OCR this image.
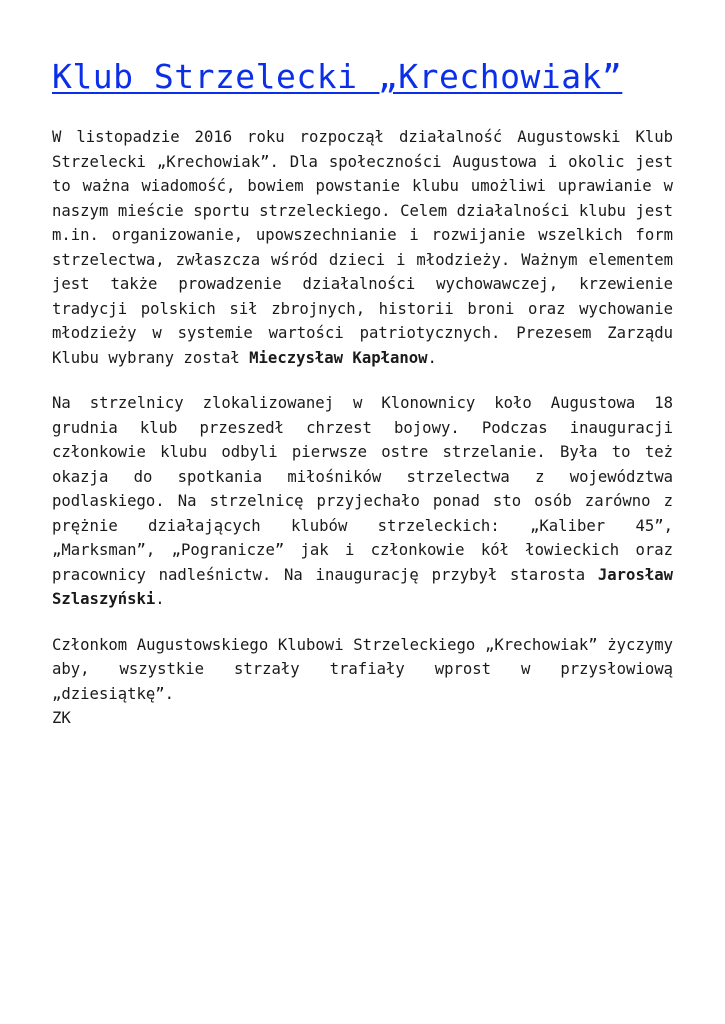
Klub Strzelecki „Krechowiak”

W listopadzie 2016 roku rozpoczął działalność Augustowski Klub Strzelecki „Krechowiak”. Dla społeczności Augustowa i okolic jest to ważna wiadomość, bowiem powstanie klubu umożliwi uprawianie w naszym mieście sportu strzeleckiego. Celem działalności klubu jest m.in. organizowanie, upowszechnianie i rozwijanie wszelkich form strzelectwa, zwłaszcza wśród dzieci i młodzieży. Ważnym elementem jest także prowadzenie działalności wychowawczej, krzewienie tradycji polskich sił zbrojnych, historii broni oraz wychowanie młodzieży w systemie wartości patriotycznych. Prezesem Zarządu Klubu wybrany został Mieczysław Kapłanow.

Na strzelnicy zlokalizowanej w Klonownicy koło Augustowa 18 grudnia klub przeszedł chrzest bojowy. Podczas inauguracji członkowie klubu odbyli pierwsze ostre strzelanie. Była to też okazja do spotkania miłośników strzelectwa z województwa podlaskiego. Na strzelnicę przyjechało ponad sto osób zarówno z prężnie działających klubów strzeleckich: „Kaliber 45”, „Marksman”, „Pogranicze” jak i członkowie kół łowieckich oraz pracownicy nadleśnictw. Na inaugurację przybył starosta Jarosław Szlaszyński.

Członkom Augustowskiego Klubowi Strzeleckiego „Krechowiak” życzymy aby, wszystkie strzały trafiały wprost w przysłowiową „dziesiątkę”.

ZK
